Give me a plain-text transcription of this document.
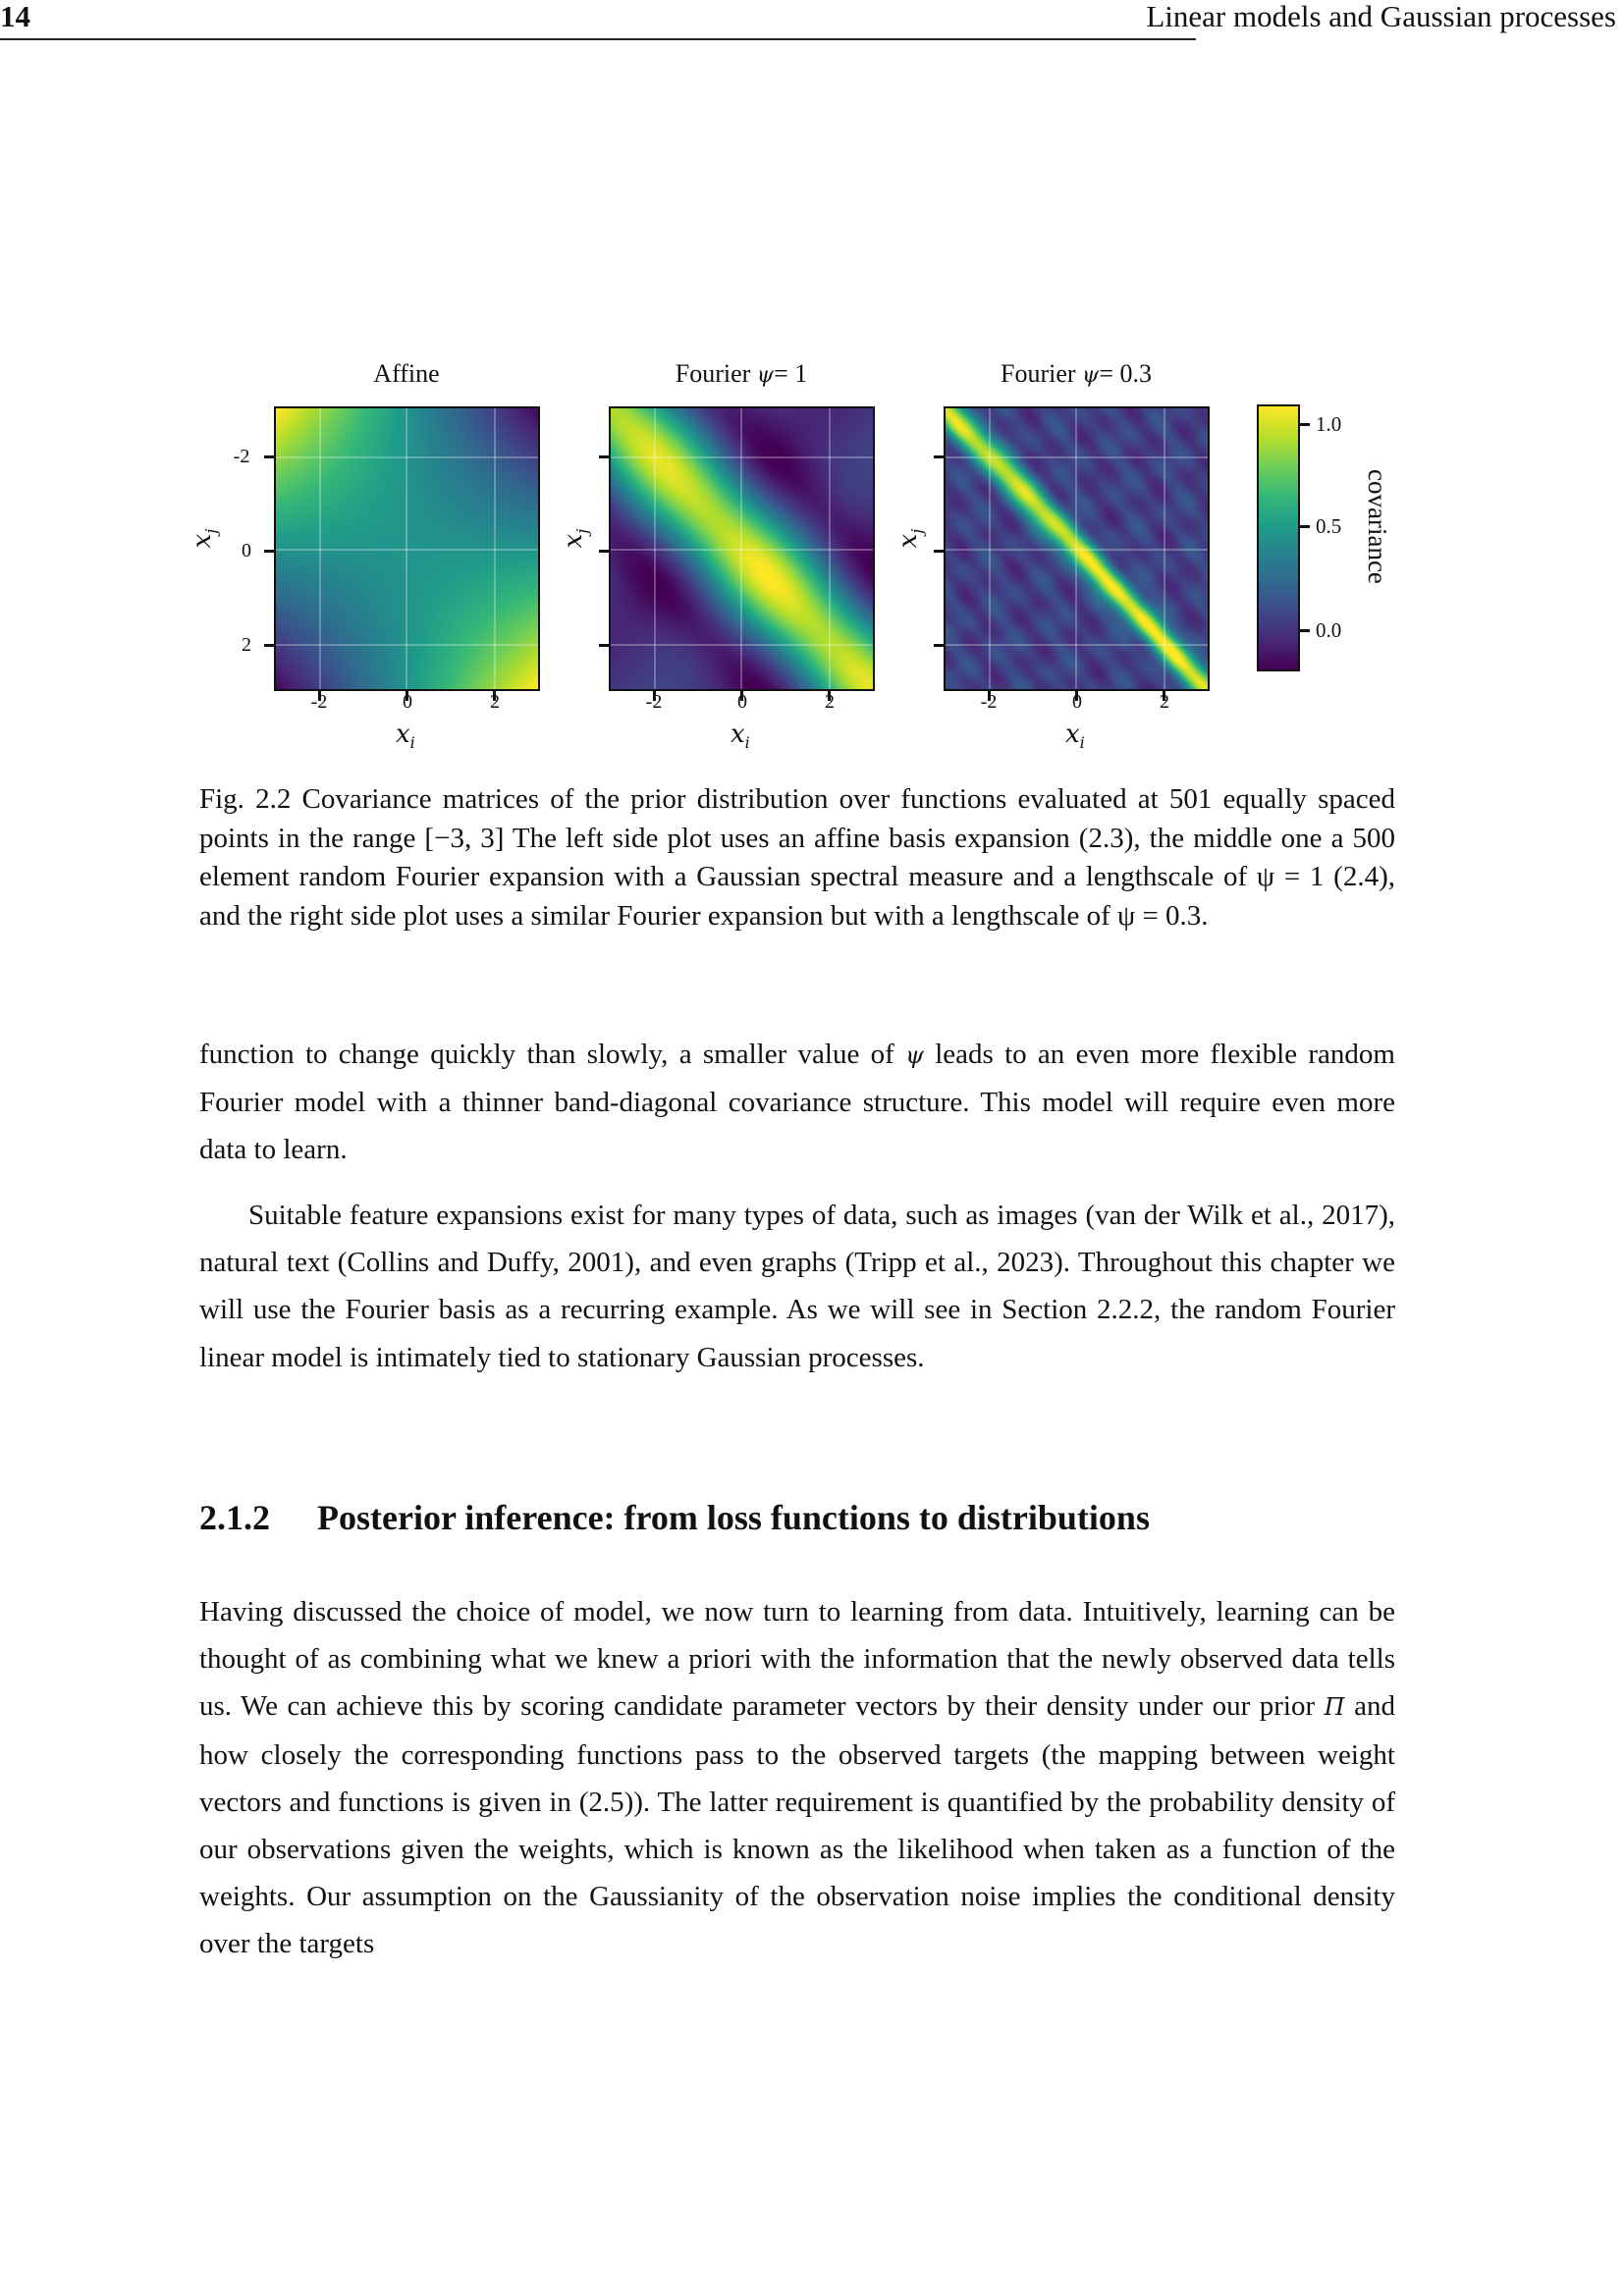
14	Linear models and Gaussian processes
Affine	Fourier ψ= 1	Fourier ψ= 0.3
-2
0
2
$x_j$
$x_j$
$x_j$
-2	0	2
$x_i$
-2	0	2
$x_i$
-2	0	2
$x_i$
1.0
0.5
0.0
covariance
Fig. 2.2 Covariance matrices of the prior distribution over functions evaluated at 501 equally spaced points in the range [−3, 3] The left side plot uses an affine basis expansion (2.3), the middle one a 500 element random Fourier expansion with a Gaussian spectral measure and a lengthscale of ψ = 1 (2.4), and the right side plot uses a similar Fourier expansion but with a lengthscale of ψ = 0.3.

function to change quickly than slowly, a smaller value of ψ leads to an even more flexible random Fourier model with a thinner band-diagonal covariance structure. This model will require even more data to learn.

Suitable feature expansions exist for many types of data, such as images (van der Wilk et al., 2017), natural text (Collins and Duffy, 2001), and even graphs (Tripp et al., 2023). Throughout this chapter we will use the Fourier basis as a recurring example. As we will see in Section 2.2.2, the random Fourier linear model is intimately tied to stationary Gaussian processes.

2.1.2 Posterior inference: from loss functions to distributions

Having discussed the choice of model, we now turn to learning from data. Intuitively, learning can be thought of as combining what we knew a priori with the information that the newly observed data tells us. We can achieve this by scoring candidate parameter vectors by their density under our prior Π and how closely the corresponding functions pass to the observed targets (the mapping between weight vectors and functions is given in (2.5)). The latter requirement is quantified by the probability density of our observations given the weights, which is known as the likelihood when taken as a function of the weights. Our assumption on the Gaussianity of the observation noise implies the conditional density over the targets
